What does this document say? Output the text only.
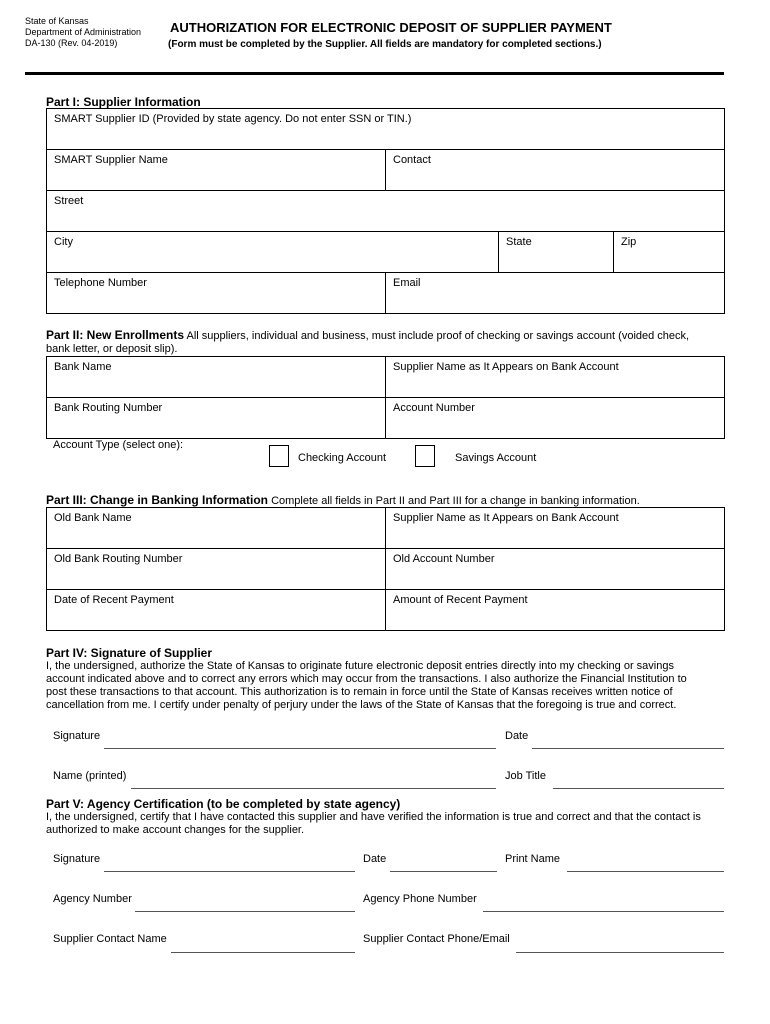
State of Kansas
Department of Administration
DA-130 (Rev. 04-2019)
AUTHORIZATION FOR ELECTRONIC DEPOSIT OF SUPPLIER PAYMENT
(Form must be completed by the Supplier. All fields are mandatory for completed sections.)
Part I: Supplier Information
SMART Supplier ID (Provided by state agency. Do not enter SSN or TIN.)
SMART Supplier Name	Contact
Street
City	State	Zip
Telephone Number	Email
Part II: New Enrollments All suppliers, individual and business, must include proof of checking or savings account (voided check,
bank letter, or deposit slip).
Bank Name	Supplier Name as It Appears on Bank Account
Bank Routing Number	Account Number
Account Type (select one):
Checking Account	Savings Account
Part III: Change in Banking Information Complete all fields in Part II and Part III for a change in banking information.
Old Bank Name	Supplier Name as It Appears on Bank Account
Old Bank Routing Number	Old Account Number
Date of Recent Payment	Amount of Recent Payment
Part IV: Signature of Supplier
I, the undersigned, authorize the State of Kansas to originate future electronic deposit entries directly into my checking or savings
account indicated above and to correct any errors which may occur from the transactions. I also authorize the Financial Institution to
post these transactions to that account. This authorization is to remain in force until the State of Kansas receives written notice of
cancellation from me. I certify under penalty of perjury under the laws of the State of Kansas that the foregoing is true and correct.
Signature	Date
Name (printed)	Job Title
Part V: Agency Certification (to be completed by state agency)
I, the undersigned, certify that I have contacted this supplier and have verified the information is true and correct and that the contact is
authorized to make account changes for the supplier.
Signature	Date	Print Name
Agency Number	Agency Phone Number
Supplier Contact Name	Supplier Contact Phone/Email
